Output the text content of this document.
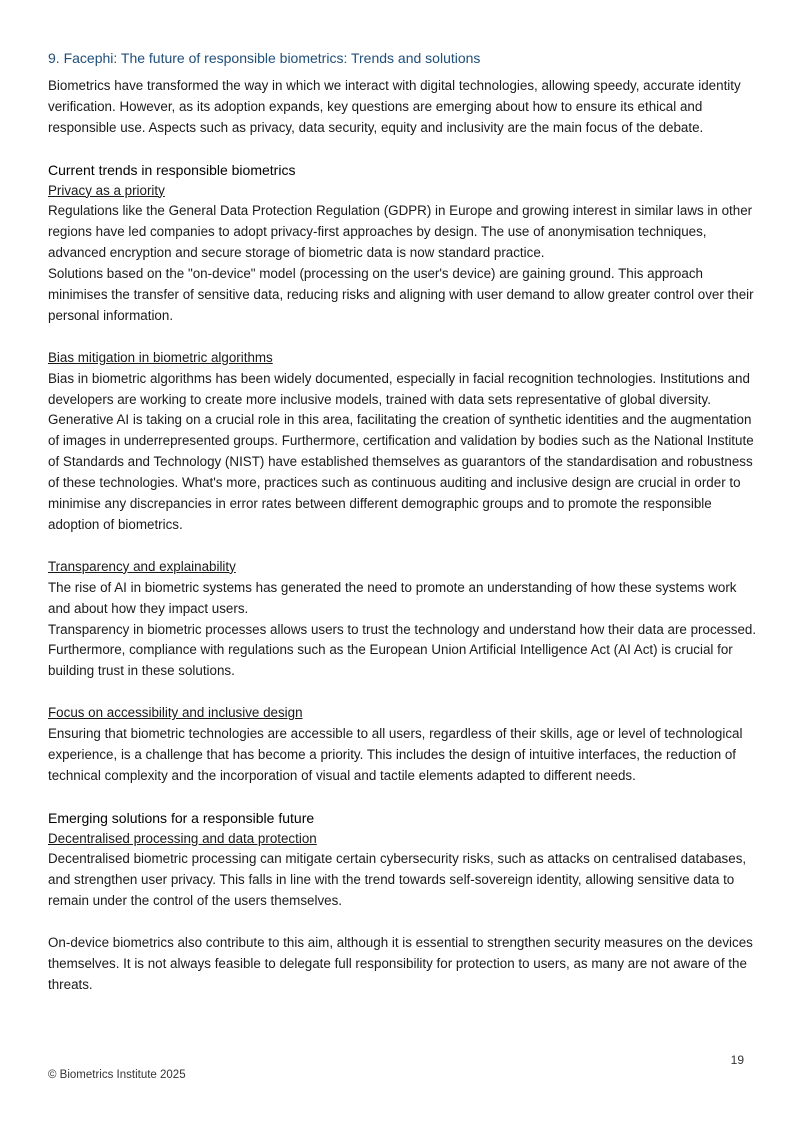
9. Facephi: The future of responsible biometrics: Trends and solutions

Biometrics have transformed the way in which we interact with digital technologies, allowing speedy, accurate identity verification. However, as its adoption expands, key questions are emerging about how to ensure its ethical and responsible use. Aspects such as privacy, data security, equity and inclusivity are the main focus of the debate.

Current trends in responsible biometrics
Privacy as a priority

Regulations like the General Data Protection Regulation (GDPR) in Europe and growing interest in similar laws in other regions have led companies to adopt privacy-first approaches by design. The use of anonymisation techniques, advanced encryption and secure storage of biometric data is now standard practice.

Solutions based on the "on-device" model (processing on the user's device) are gaining ground. This approach minimises the transfer of sensitive data, reducing risks and aligning with user demand to allow greater control over their personal information.

Bias mitigation in biometric algorithms

Bias in biometric algorithms has been widely documented, especially in facial recognition technologies. Institutions and developers are working to create more inclusive models, trained with data sets representative of global diversity. Generative AI is taking on a crucial role in this area, facilitating the creation of synthetic identities and the augmentation of images in underrepresented groups. Furthermore, certification and validation by bodies such as the National Institute of Standards and Technology (NIST) have established themselves as guarantors of the standardisation and robustness of these technologies. What's more, practices such as continuous auditing and inclusive design are crucial in order to minimise any discrepancies in error rates between different demographic groups and to promote the responsible adoption of biometrics.

Transparency and explainability

The rise of AI in biometric systems has generated the need to promote an understanding of how these systems work and about how they impact users.

Transparency in biometric processes allows users to trust the technology and understand how their data are processed. Furthermore, compliance with regulations such as the European Union Artificial Intelligence Act (AI Act) is crucial for building trust in these solutions.

Focus on accessibility and inclusive design

Ensuring that biometric technologies are accessible to all users, regardless of their skills, age or level of technological experience, is a challenge that has become a priority. This includes the design of intuitive interfaces, the reduction of technical complexity and the incorporation of visual and tactile elements adapted to different needs.

Emerging solutions for a responsible future
Decentralised processing and data protection

Decentralised biometric processing can mitigate certain cybersecurity risks, such as attacks on centralised databases, and strengthen user privacy. This falls in line with the trend towards self-sovereign identity, allowing sensitive data to remain under the control of the users themselves.

On-device biometrics also contribute to this aim, although it is essential to strengthen security measures on the devices themselves. It is not always feasible to delegate full responsibility for protection to users, as many are not aware of the threats.

19
© Biometrics Institute 2025
